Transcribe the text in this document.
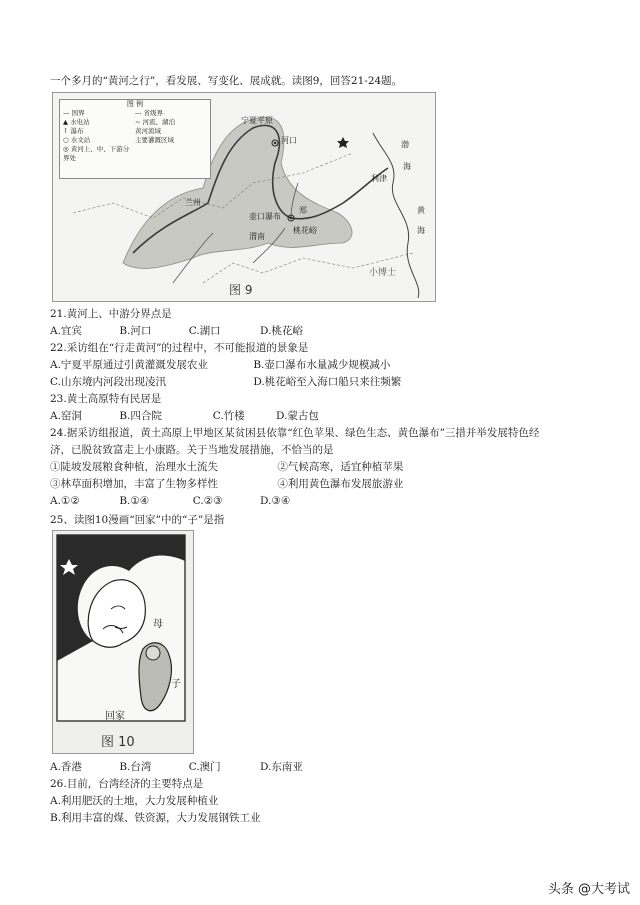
一个多月的“黄河之行”，看发展、写变化、展成就。读图9，回答21-24题。
图 例
— 国界
▲ 水电站
↑ 瀑布
○ 水文站
◎ 黄河上、中、下游分界处
--- 省级界
~ 河流、湖泊
黄河流域
主要灌溉区域
宁夏平原
河口
兰州
壶口瀑布
郑
渭南
桃花峪
利津
渤
海
黄
海
小博士
图 9
21.黄河上、中游分界点是
A.宜宾	B.河口	C.湖口	D.桃花峪
22.采访组在“行走黄河”的过程中，不可能报道的景象是
A.宁夏平原通过引黄灌溉发展农业	B.壶口瀑布水量减少规模减小
C.山东境内河段出现凌汛	D.桃花峪至入海口船只来往频繁
23.黄土高原特有民居是
A.窑洞	B.四合院	C.竹楼	D.蒙古包
24.据采访组报道，黄土高原上甲地区某贫困县依靠“红色苹果、绿色生态、黄色瀑布”三措并举发展特色经
济，已脱贫致富走上小康路。关于当地发展措施，不恰当的是
①陡坡发展粮食种植，治理水土流失	②气候高寒，适宜种植苹果
③林草面积增加，丰富了生物多样性	④利用黄色瀑布发展旅游业
A.①②	B.①④	C.②③	D.③④
25、读图10漫画“回家”中的“子”是指
母
子
回家
图 10
A.香港	B.台湾	C.澳门	D.东南亚
26.目前，台湾经济的主要特点是
A.利用肥沃的土地，大力发展种植业
B.利用丰富的煤、铁资源，大力发展钢铁工业
头条 @大考试
